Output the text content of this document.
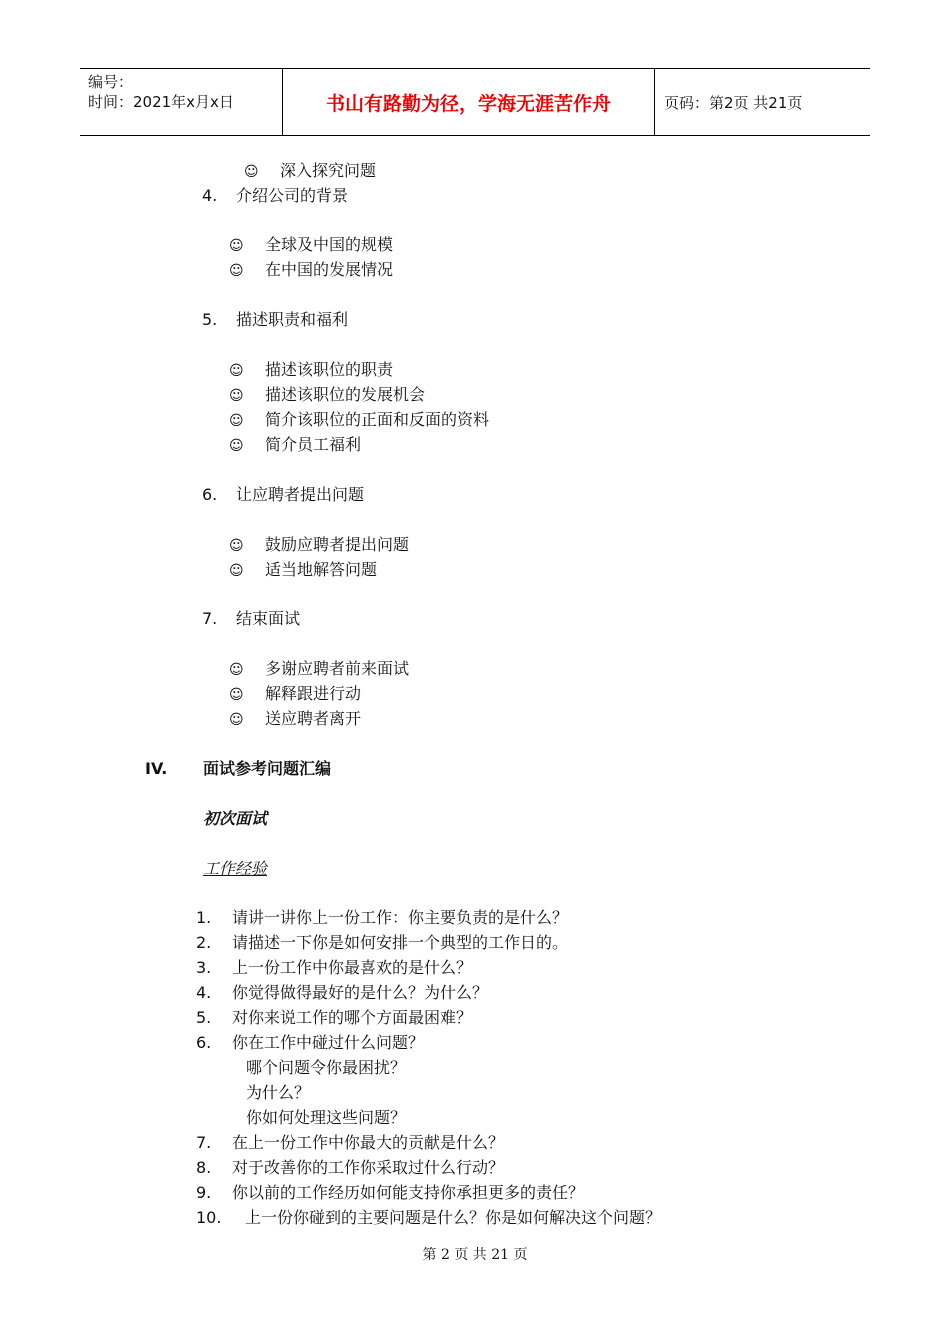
编号：
时间：2021年x月x日	书山有路勤为径，学海无涯苦作舟	页码：第2页 共21页
☺ 深入探究问题
4. 介绍公司的背景
☺ 全球及中国的规模
☺ 在中国的发展情况
5. 描述职责和福利
☺ 描述该职位的职责
☺ 描述该职位的发展机会
☺ 简介该职位的正面和反面的资料
☺ 简介员工福利
6. 让应聘者提出问题
☺ 鼓励应聘者提出问题
☺ 适当地解答问题
7. 结束面试
☺ 多谢应聘者前来面试
☺ 解释跟进行动
☺ 送应聘者离开
IV. 面试参考问题汇编
初次面试
工作经验
1. 请讲一讲你上一份工作：你主要负责的是什么？
2. 请描述一下你是如何安排一个典型的工作日的。
3. 上一份工作中你最喜欢的是什么？
4. 你觉得做得最好的是什么？为什么？
5. 对你来说工作的哪个方面最困难？
6. 你在工作中碰过什么问题？
哪个问题令你最困扰？
为什么？
你如何处理这些问题？
7. 在上一份工作中你最大的贡献是什么？
8. 对于改善你的工作你采取过什么行动？
9. 你以前的工作经历如何能支持你承担更多的责任？
10. 上一份你碰到的主要问题是什么？你是如何解决这个问题？
第 2 页 共 21 页
